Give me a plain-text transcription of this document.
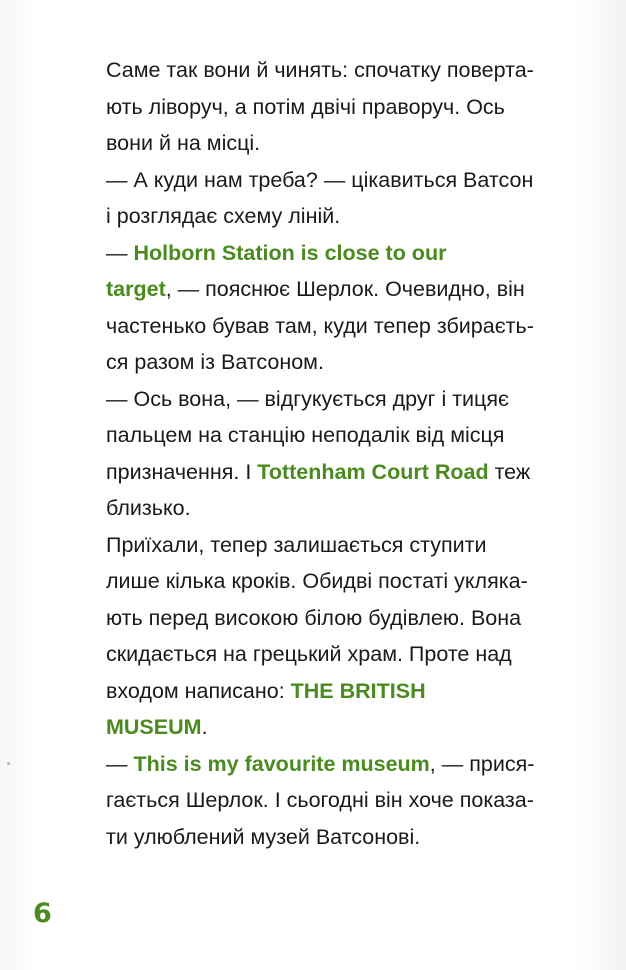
Саме так вони й чинять: спочатку поверта-
ють ліворуч, а потім двічі праворуч. Ось
вони й на місці.
— А куди нам треба? — цікавиться Ватсон
і розглядає схему ліній.
— Holborn Station is close to our
target, — пояснює Шерлок. Очевидно, він
частенько бував там, куди тепер збираєть-
ся разом із Ватсоном.
— Ось вона, — відгукується друг і тицяє
пальцем на станцію неподалік від місця
призначення. І Tottenham Court Road теж
близько.
Приїхали, тепер залишається ступити
лише кілька кроків. Обидві постаті укляка-
ють перед високою білою будівлею. Вона
скидається на грецький храм. Проте над
входом написано: THE BRITISH
MUSEUM.
— This is my favourite museum, — прися-
гається Шерлок. І сьогодні він хоче показа-
ти улюблений музей Ватсонові.
6
